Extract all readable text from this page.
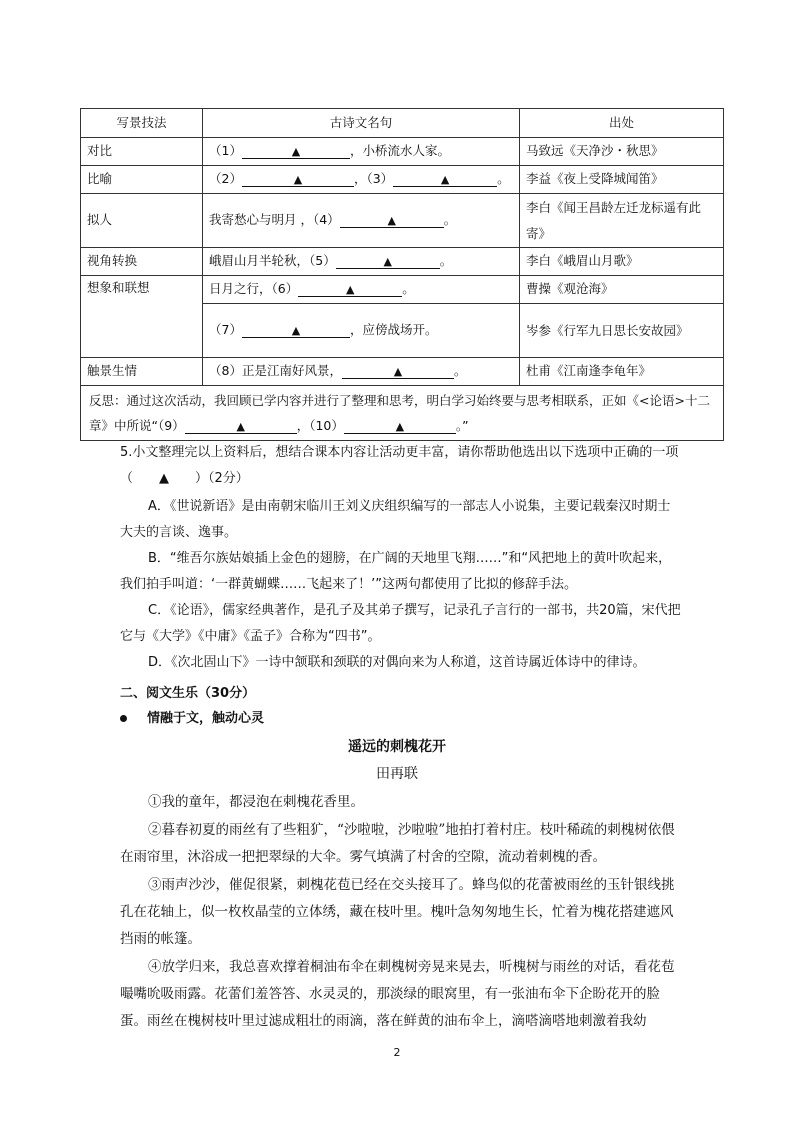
写景技法	古诗文名句	出处
对比	（1） ▲ ，小桥流水人家。	马致远《天净沙・秋思》
比喻	（2） ▲ ，（3） ▲ 。	李益《夜上受降城闻笛》
拟人	我寄愁心与明月 ，（4） ▲ 。	李白《闻王昌龄左迁龙标遥有此寄》
视角转换	峨眉山月半轮秋，（5） ▲ 。	李白《峨眉山月歌》
想象和联想	日月之行，（6） ▲ 。	曹操《观沧海》
	（7） ▲ ，应傍战场开。	岑参《行军九日思长安故园》
触景生情	（8）正是江南好风景， ▲ 。	杜甫《江南逢李龟年》
反思：通过这次活动，我回顾已学内容并进行了整理和思考，明白学习始终要与思考相联系，正如《<论语>十二章》中所说“（9） ▲ ，（10） ▲ 。”		
5.小文整理完以上资料后，想结合课本内容让活动更丰富，请你帮助他选出以下选项中正确的一项（　　▲　　）（2分）
A．《世说新语》是由南朝宋临川王刘义庆组织编写的一部志人小说集，主要记载秦汉时期士大夫的言谈、逸事。
B．“维吾尔族姑娘插上金色的翅膀，在广阔的天地里飞翔……”和“风把地上的黄叶吹起来，我们拍手叫道：‘一群黄蝴蝶……飞起来了！’”这两句都使用了比拟的修辞手法。
C．《论语》，儒家经典著作，是孔子及其弟子撰写，记录孔子言行的一部书，共20篇，宋代把它与《大学》《中庸》《孟子》合称为“四书”。
D．《次北固山下》一诗中颔联和颈联的对偶向来为人称道，这首诗属近体诗中的律诗。
二、阅文生乐（30分）
情融于文，触动心灵
遥远的刺槐花开
田再联
①我的童年，都浸泡在刺槐花香里。
②暮春初夏的雨丝有了些粗犷，“沙啦啦，沙啦啦”地拍打着村庄。枝叶稀疏的刺槐树依偎在雨帘里，沐浴成一把把翠绿的大伞。雾气填满了村舍的空隙，流动着刺槐的香。
③雨声沙沙，催促很紧，刺槐花苞已经在交头接耳了。蜂鸟似的花蕾被雨丝的玉针银线挑孔在花轴上，似一枚枚晶莹的立体绣，藏在枝叶里。槐叶急匆匆地生长，忙着为槐花搭建遮风挡雨的帐篷。
④放学归来，我总喜欢撑着桐油布伞在刺槐树旁晃来晃去，听槐树与雨丝的对话，看花苞嘬嘴吮吸雨露。花蕾们羞答答、水灵灵的，那淡绿的眼窝里，有一张油布伞下企盼花开的脸蛋。雨丝在槐树枝叶里过滤成粗壮的雨滴，落在鲜黄的油布伞上，滴嗒滴嗒地刺激着我幼
2
